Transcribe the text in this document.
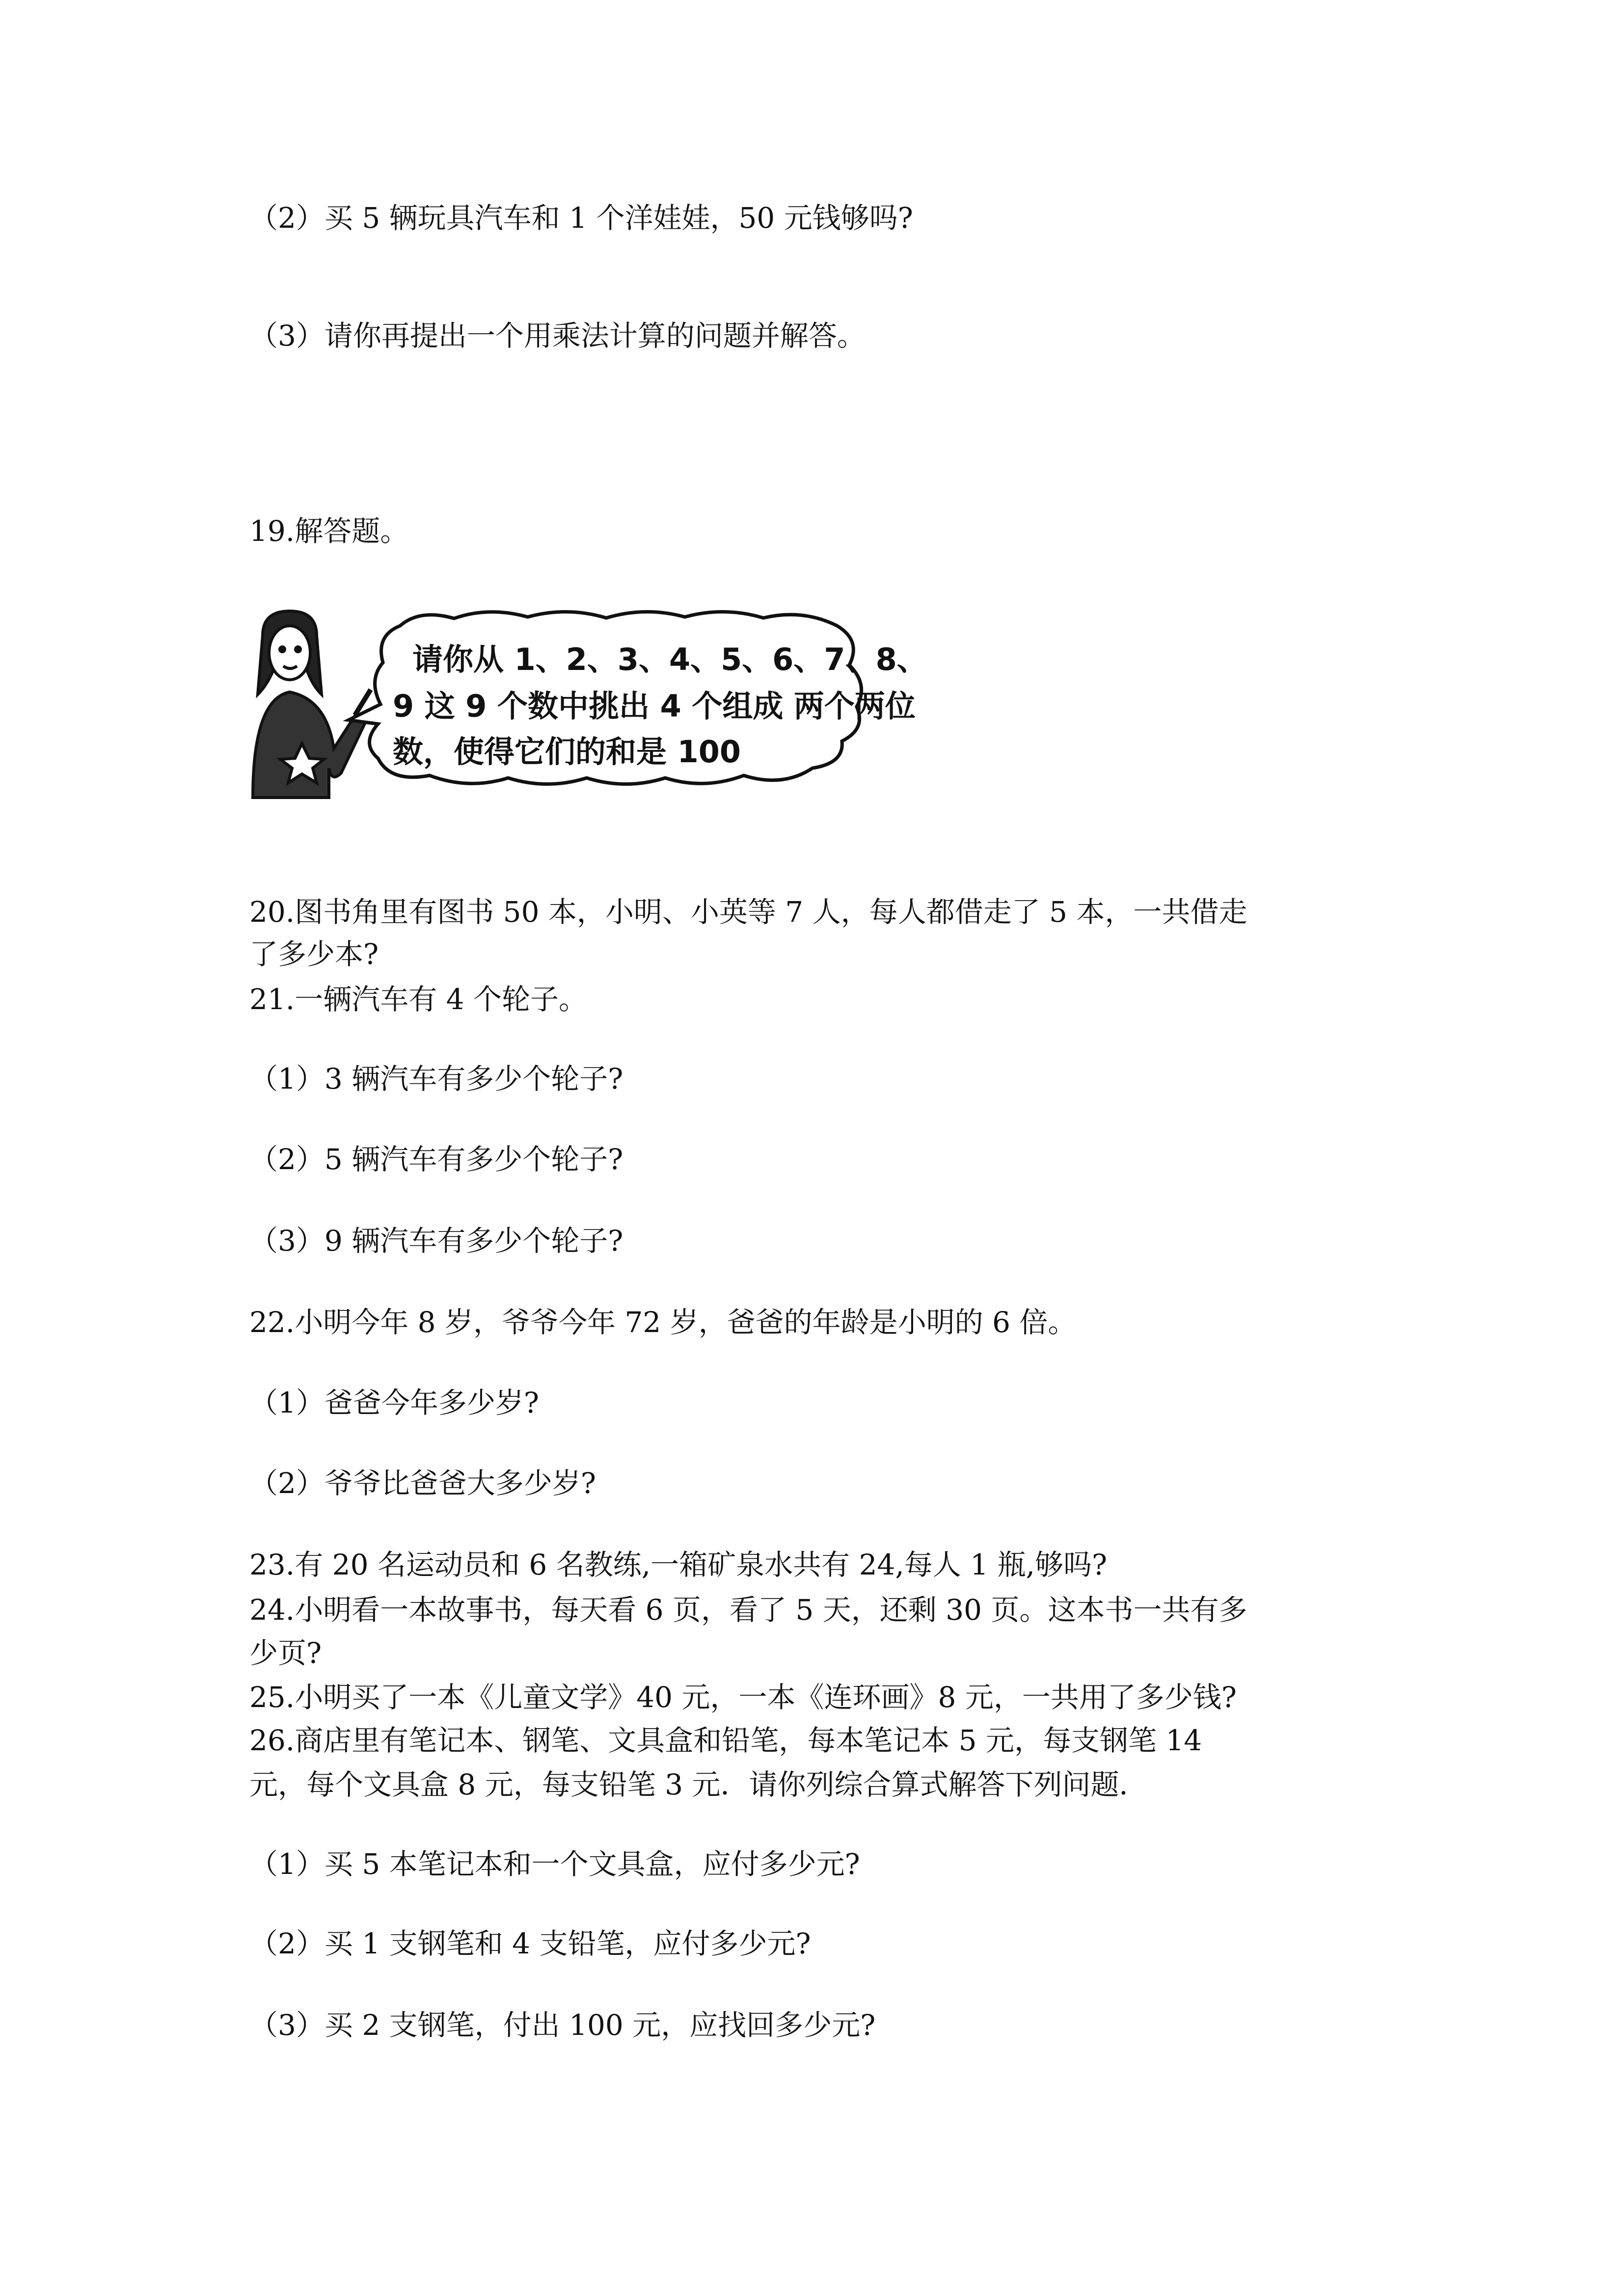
（2）买 5 辆玩具汽车和 1 个洋娃娃，50 元钱够吗?
（3）请你再提出一个用乘法计算的问题并解答。
19.解答题。
请你从 1、2、3、4、5、6、7、8、
9 这 9 个数中挑出 4 个组成 两个两位
数，使得它们的和是 100
20.图书角里有图书 50 本，小明、小英等 7 人，每人都借走了 5 本，一共借走
了多少本?
21.一辆汽车有 4 个轮子。
（1）3 辆汽车有多少个轮子?
（2）5 辆汽车有多少个轮子?
（3）9 辆汽车有多少个轮子?
22.小明今年 8 岁，爷爷今年 72 岁，爸爸的年龄是小明的 6 倍。
（1）爸爸今年多少岁?
（2）爷爷比爸爸大多少岁?
23.有 20 名运动员和 6 名教练,一箱矿泉水共有 24,每人 1 瓶,够吗?
24.小明看一本故事书，每天看 6 页，看了 5 天，还剩 30 页。这本书一共有多
少页?
25.小明买了一本《儿童文学》40 元，一本《连环画》8 元，一共用了多少钱?
26.商店里有笔记本、钢笔、文具盒和铅笔，每本笔记本 5 元，每支钢笔 14
元，每个文具盒 8 元，每支铅笔 3 元．请你列综合算式解答下列问题．
（1）买 5 本笔记本和一个文具盒，应付多少元?
（2）买 1 支钢笔和 4 支铅笔，应付多少元?
（3）买 2 支钢笔，付出 100 元，应找回多少元?
